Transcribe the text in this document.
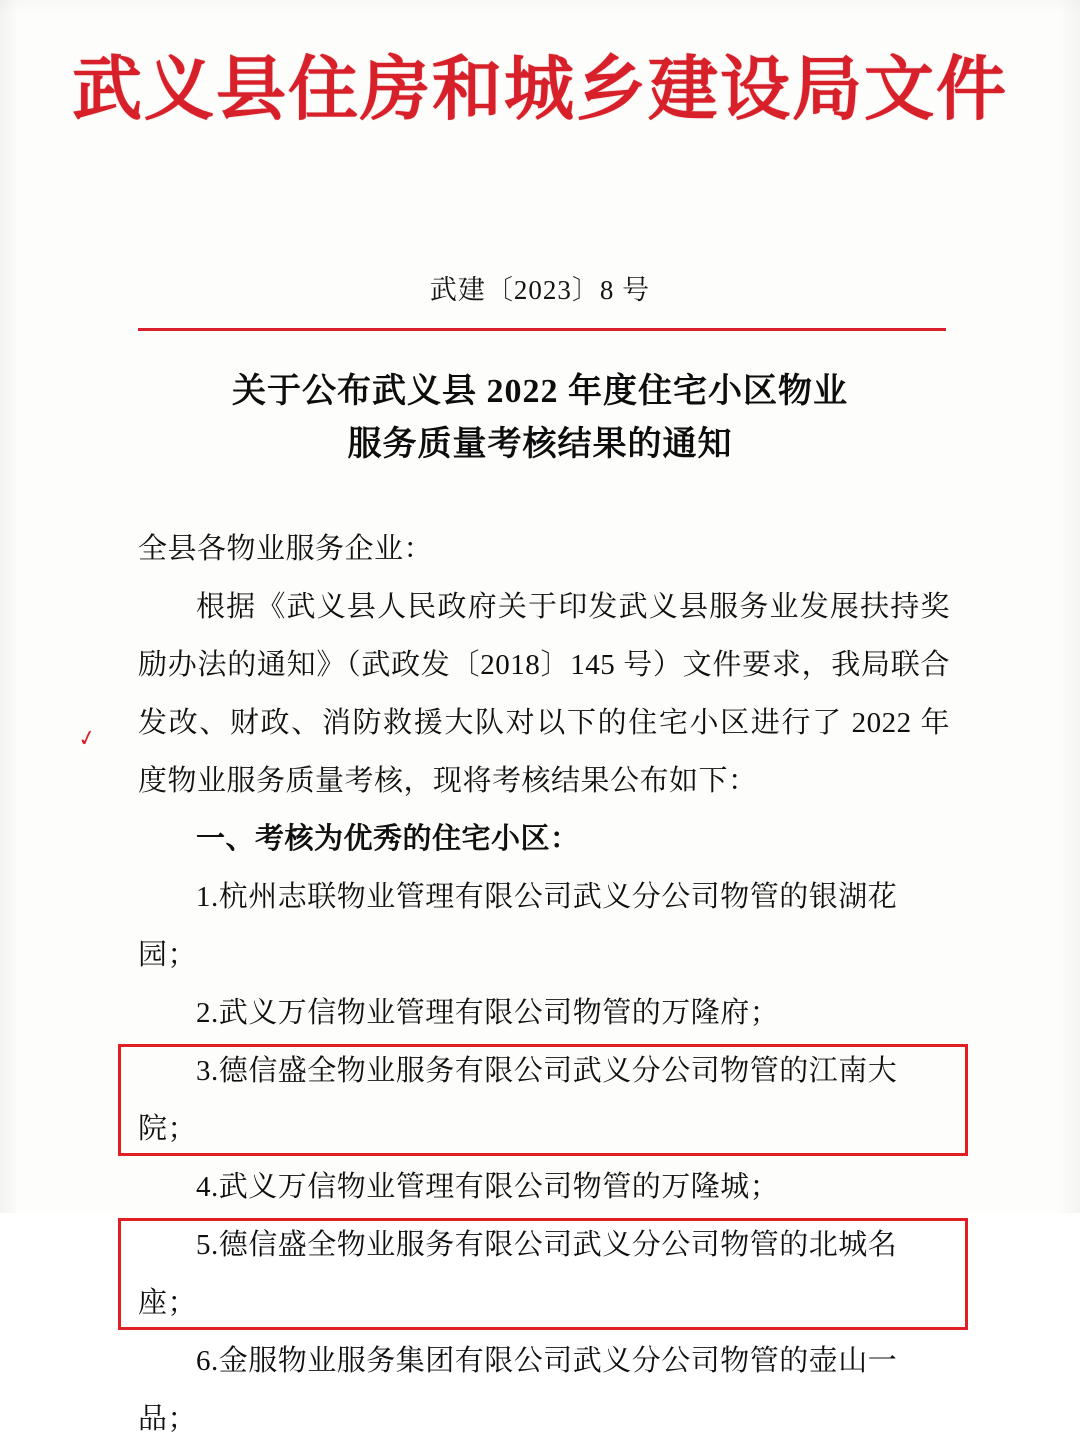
武义县住房和城乡建设局文件
武建〔2023〕8 号
关于公布武义县 2022 年度住宅小区物业
服务质量考核结果的通知

全县各物业服务企业：

根据《武义县人民政府关于印发武义县服务业发展扶持奖励办法的通知》（武政发〔2018〕145 号）文件要求，我局联合发改、财政、消防救援大队对以下的住宅小区进行了 2022 年度物业服务质量考核，现将考核结果公布如下：

一、考核为优秀的住宅小区：

1.杭州志联物业管理有限公司武义分公司物管的银湖花园；

2.武义万信物业管理有限公司物管的万隆府；

3.德信盛全物业服务有限公司武义分公司物管的江南大院；

4.武义万信物业管理有限公司物管的万隆城；

5.德信盛全物业服务有限公司武义分公司物管的北城名座；

6.金服物业服务集团有限公司武义分公司物管的壶山一品；

✓
